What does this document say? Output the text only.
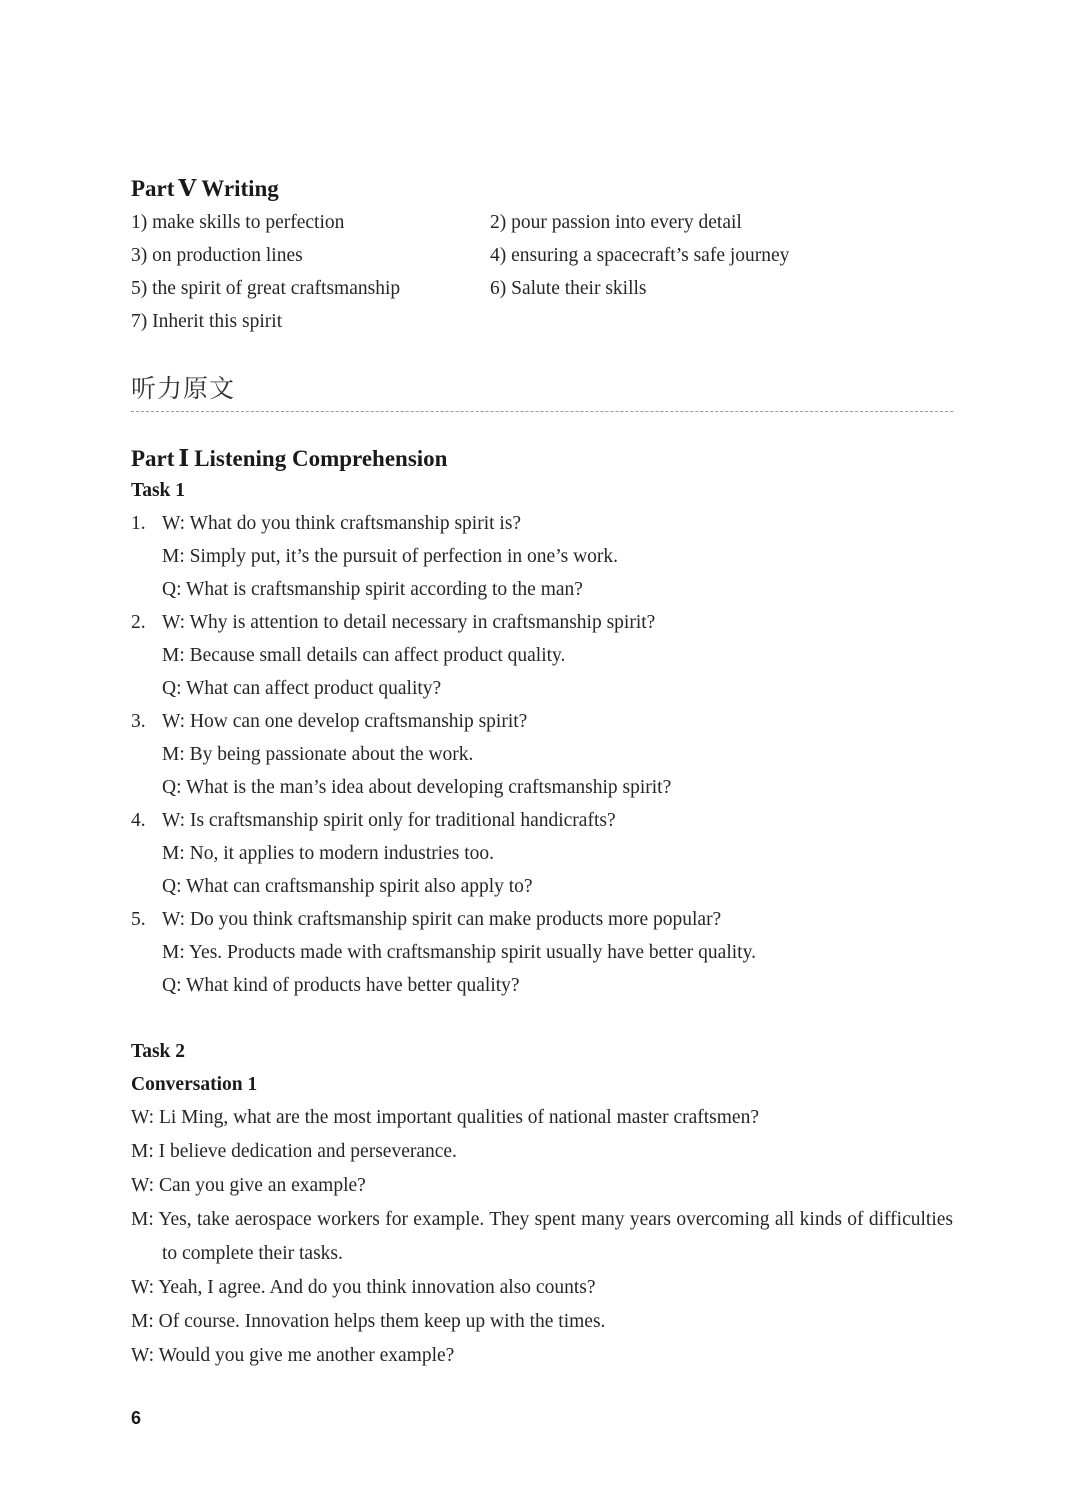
Part Ⅴ Writing
1) make skills to perfection	2) pour passion into every detail
3) on production lines	4) ensuring a spacecraft’s safe journey
5) the spirit of great craftsmanship	6) Salute their skills
7) Inherit this spirit
听力原文
Part Ⅰ Listening Comprehension
Task 1
1. W: What do you think craftsmanship spirit is?
M: Simply put, it’s the pursuit of perfection in one’s work.
Q: What is craftsmanship spirit according to the man?
2. W: Why is attention to detail necessary in craftsmanship spirit?
M: Because small details can affect product quality.
Q: What can affect product quality?
3. W: How can one develop craftsmanship spirit?
M: By being passionate about the work.
Q: What is the man’s idea about developing craftsmanship spirit?
4. W: Is craftsmanship spirit only for traditional handicrafts?
M: No, it applies to modern industries too.
Q: What can craftsmanship spirit also apply to?
5. W: Do you think craftsmanship spirit can make products more popular?
M: Yes. Products made with craftsmanship spirit usually have better quality.
Q: What kind of products have better quality?
Task 2
Conversation 1
W: Li Ming, what are the most important qualities of national master craftsmen?
M: I believe dedication and perseverance.
W: Can you give an example?
M: Yes, take aerospace workers for example. They spent many years overcoming all kinds of difficulties to complete their tasks.
W: Yeah, I agree. And do you think innovation also counts?
M: Of course. Innovation helps them keep up with the times.
W: Would you give me another example?
6
